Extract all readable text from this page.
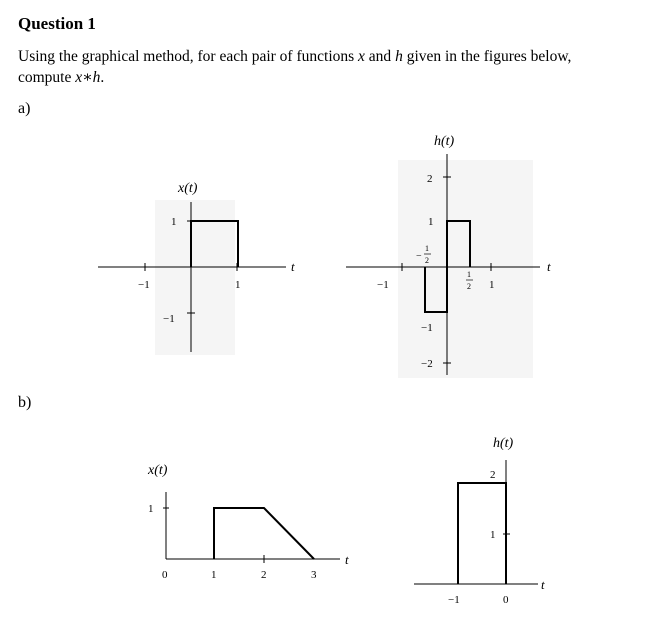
Question 1
Using the graphical method, for each pair of functions x and h given in the figures below,
compute x∗h.
a)
b)
x(t)
t
−1	1
1
−1
h(t)
t
−1
1
2 1
2
1
−
1
2
−1
−2
x(t)
t
0	1	2	3
1
h(t)
t
−1	0
2
1
